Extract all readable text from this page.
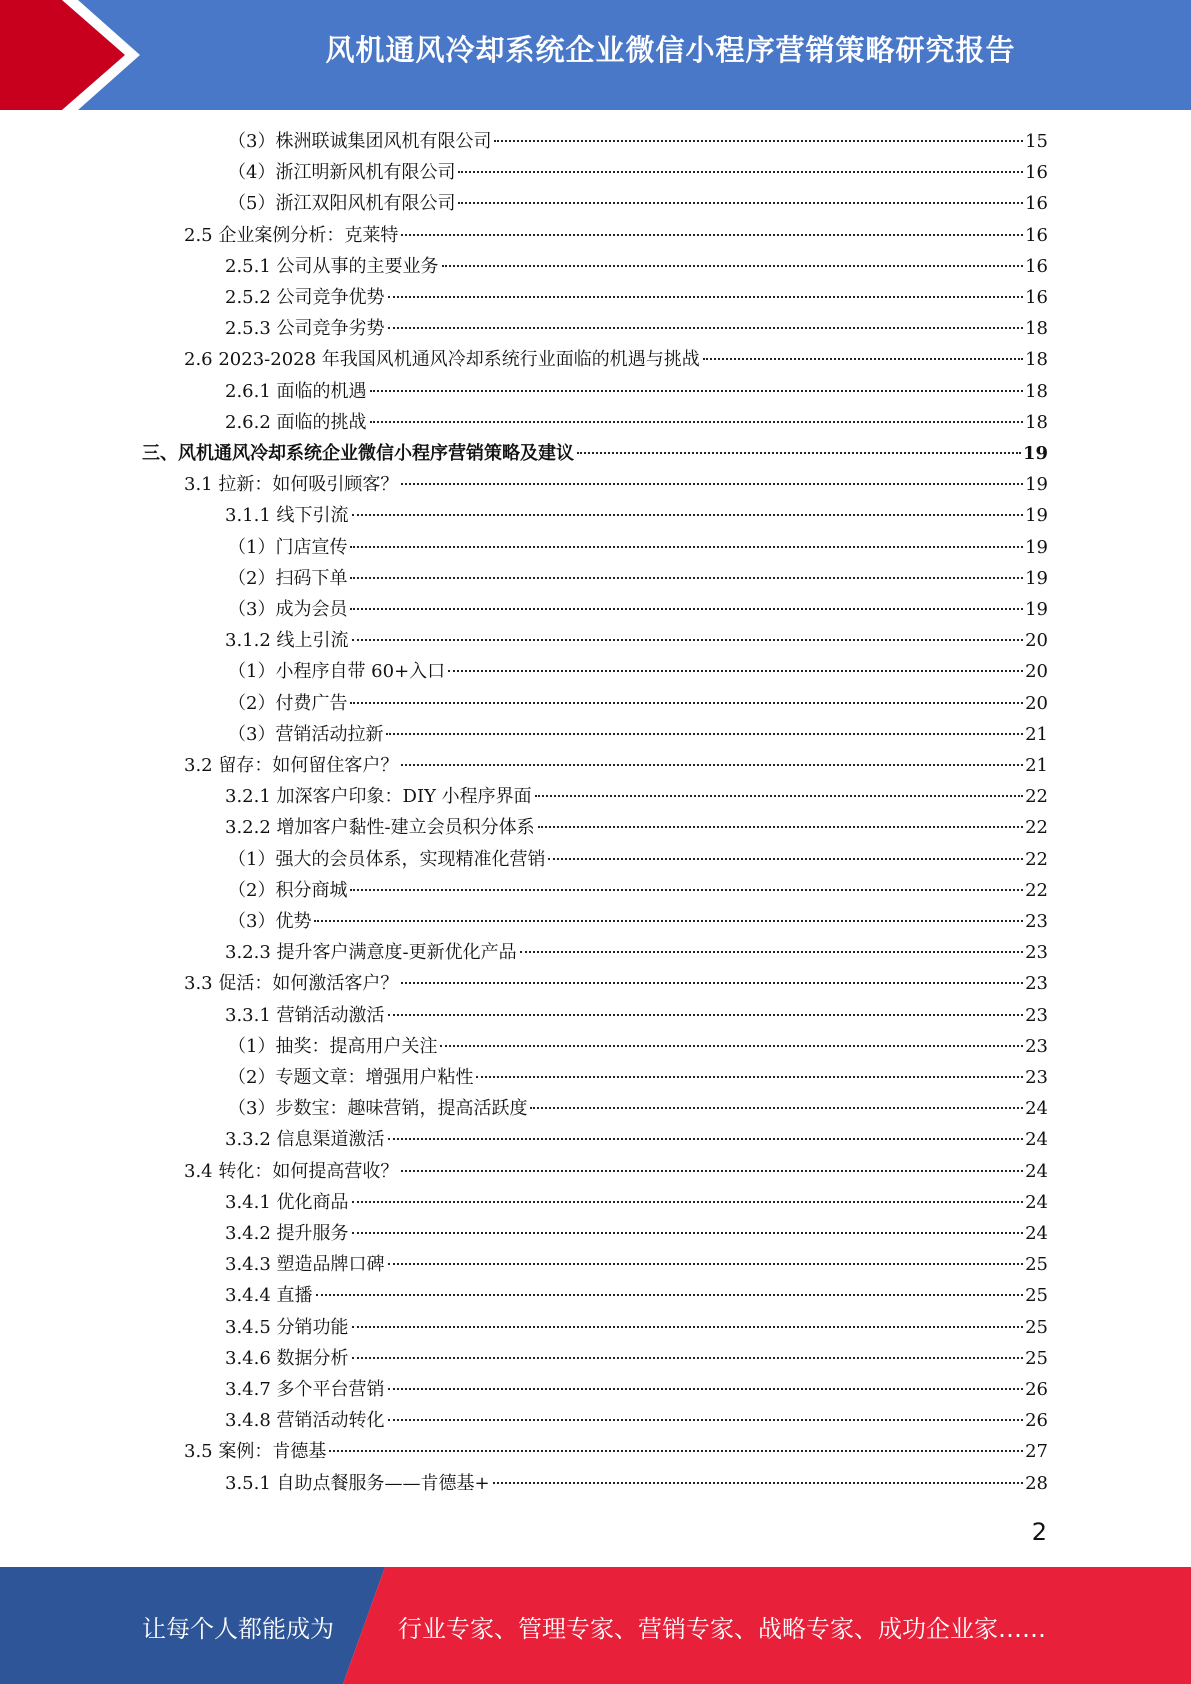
风机通风冷却系统企业微信小程序营销策略研究报告
（3）株洲联诚集团风机有限公司	15
（4）浙江明新风机有限公司	16
（5）浙江双阳风机有限公司	16
2.5 企业案例分析：克莱特	16
2.5.1 公司从事的主要业务	16
2.5.2 公司竞争优势	16
2.5.3 公司竞争劣势	18
2.6 2023-2028 年我国风机通风冷却系统行业面临的机遇与挑战	18
2.6.1 面临的机遇	18
2.6.2 面临的挑战	18
三、风机通风冷却系统企业微信小程序营销策略及建议	19
3.1 拉新：如何吸引顾客？	19
3.1.1 线下引流	19
（1）门店宣传	19
（2）扫码下单	19
（3）成为会员	19
3.1.2 线上引流	20
（1）小程序自带 60+入口	20
（2）付费广告	20
（3）营销活动拉新	21
3.2 留存：如何留住客户？	21
3.2.1 加深客户印象：DIY 小程序界面	22
3.2.2 增加客户黏性-建立会员积分体系	22
（1）强大的会员体系，实现精准化营销	22
（2）积分商城	22
（3）优势	23
3.2.3 提升客户满意度-更新优化产品	23
3.3 促活：如何激活客户？	23
3.3.1 营销活动激活	23
（1）抽奖：提高用户关注	23
（2）专题文章：增强用户粘性	23
（3）步数宝：趣味营销，提高活跃度	24
3.3.2 信息渠道激活	24
3.4 转化：如何提高营收？	24
3.4.1 优化商品	24
3.4.2 提升服务	24
3.4.3 塑造品牌口碑	25
3.4.4 直播	25
3.4.5 分销功能	25
3.4.6 数据分析	25
3.4.7 多个平台营销	26
3.4.8 营销活动转化	26
3.5 案例：肯德基	27
3.5.1 自助点餐服务——肯德基+	28
2
让每个人都能成为	行业专家、管理专家、营销专家、战略专家、成功企业家……
